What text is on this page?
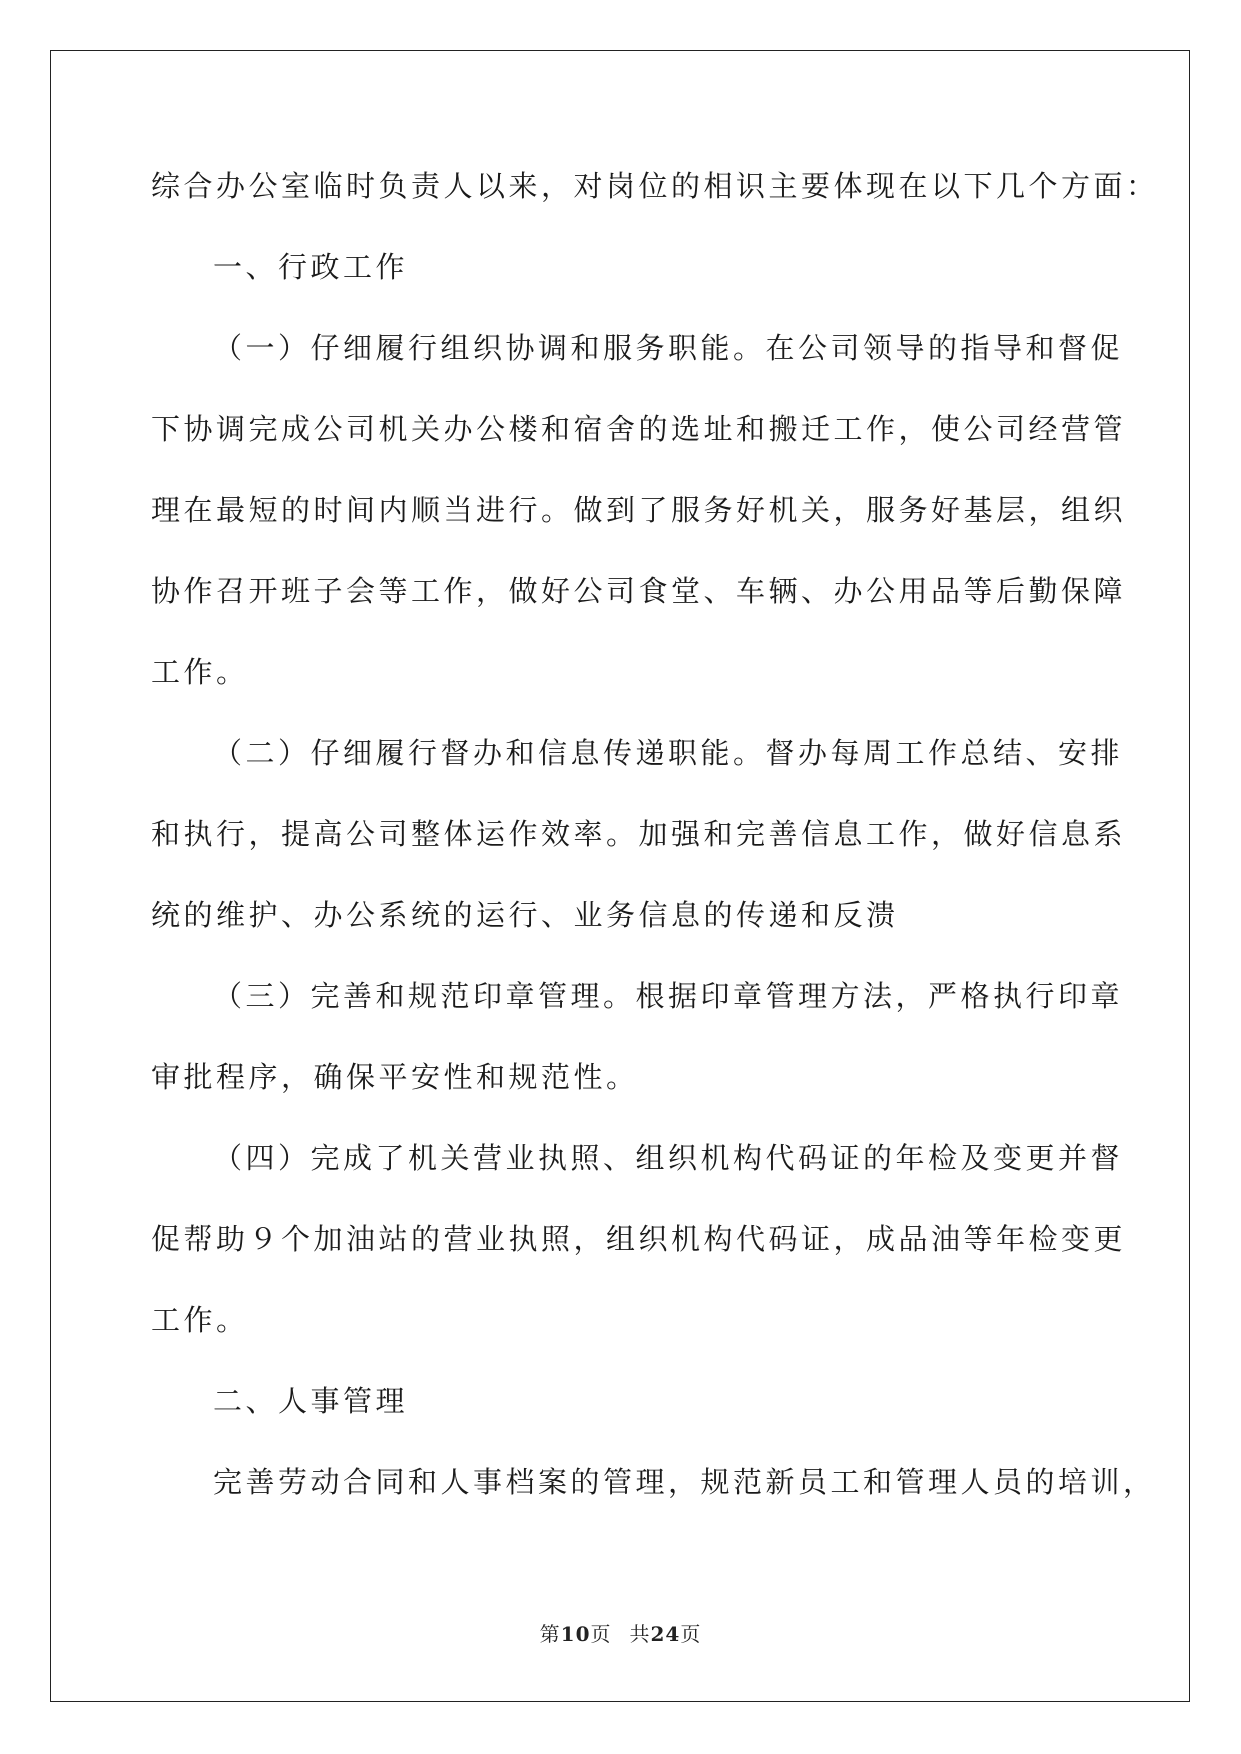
综合办公室临时负责人以来，对岗位的相识主要体现在以下几个方面：

一、行政工作

（一）仔细履行组织协调和服务职能。在公司领导的指导和督促

下协调完成公司机关办公楼和宿舍的选址和搬迁工作，使公司经营管

理在最短的时间内顺当进行。做到了服务好机关，服务好基层，组织

协作召开班子会等工作，做好公司食堂、车辆、办公用品等后勤保障

工作。

（二）仔细履行督办和信息传递职能。督办每周工作总结、安排

和执行，提高公司整体运作效率。加强和完善信息工作，做好信息系

统的维护、办公系统的运行、业务信息的传递和反溃

（三）完善和规范印章管理。根据印章管理方法，严格执行印章

审批程序，确保平安性和规范性。

（四）完成了机关营业执照、组织机构代码证的年检及变更并督

促帮助９个加油站的营业执照，组织机构代码证，成品油等年检变更

工作。

二、人事管理

完善劳动合同和人事档案的管理，规范新员工和管理人员的培训，

第10页 共24页
